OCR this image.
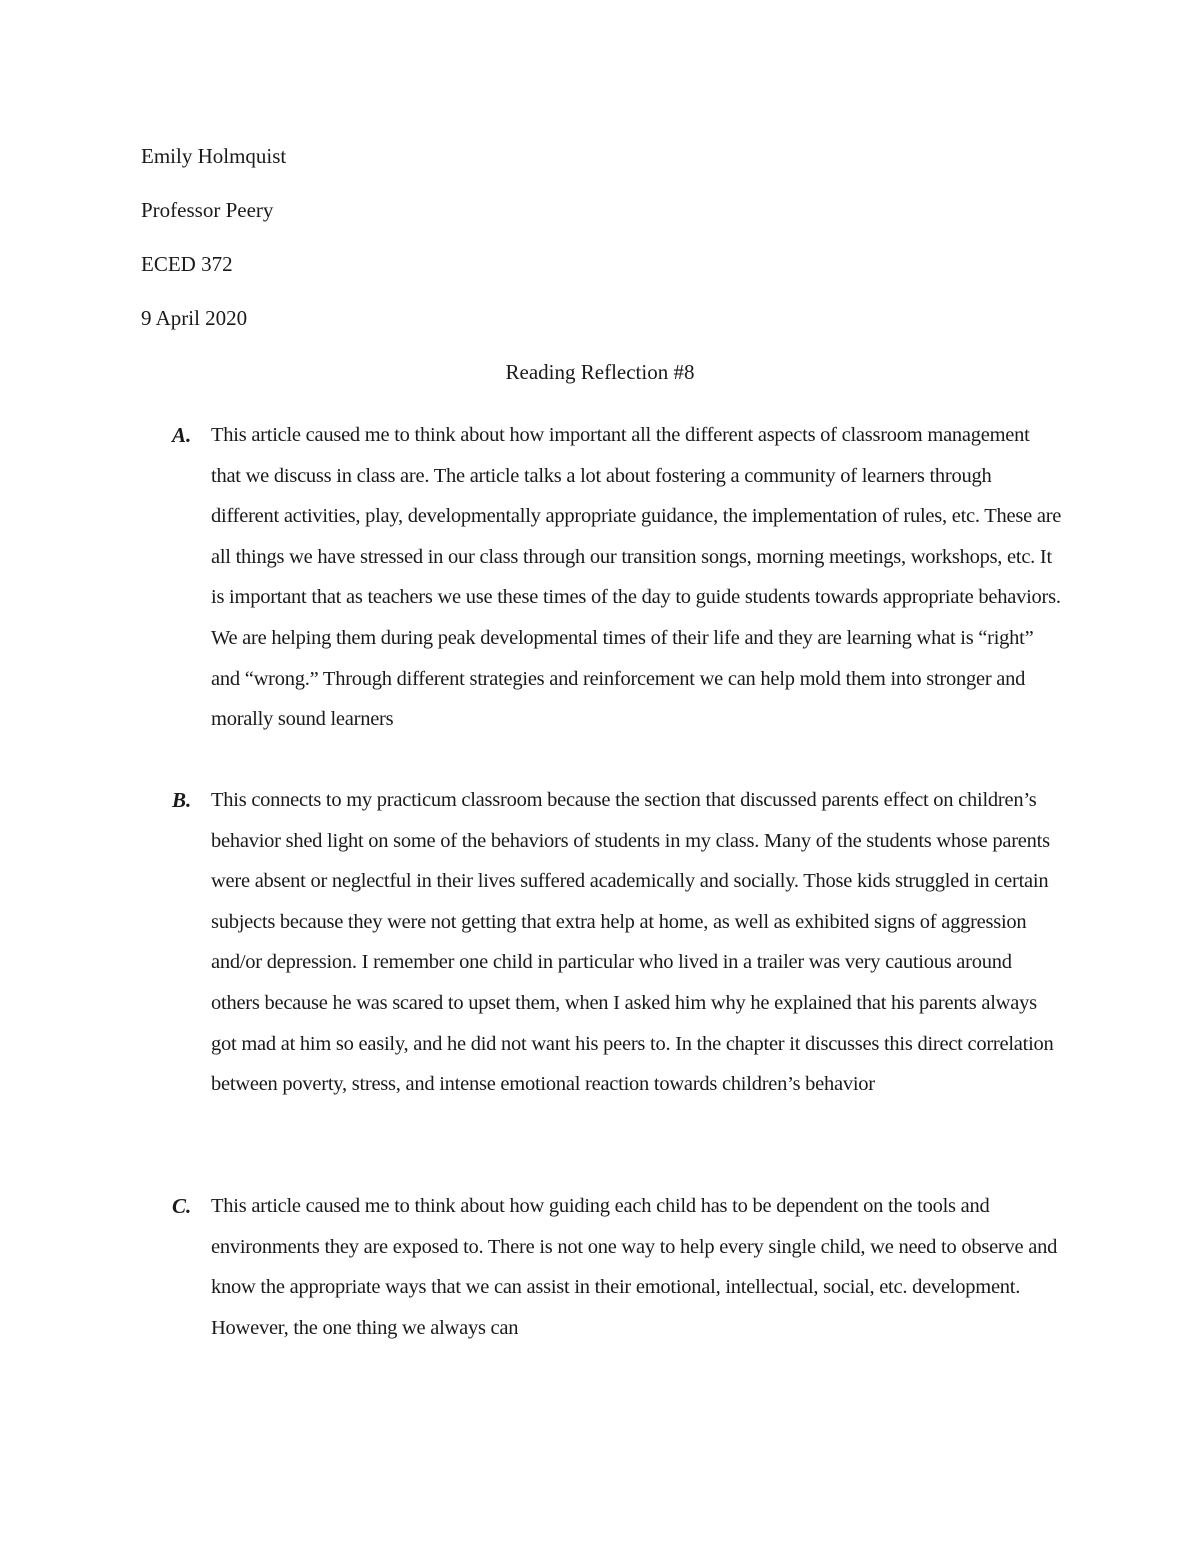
Emily Holmquist
Professor Peery
ECED 372
9 April 2020
Reading Reflection #8
A. This article caused me to think about how important all the different aspects of classroom management that we discuss in class are. The article talks a lot about fostering a community of learners through different activities, play, developmentally appropriate guidance, the implementation of rules, etc. These are all things we have stressed in our class through our transition songs, morning meetings, workshops, etc. It is important that as teachers we use these times of the day to guide students towards appropriate behaviors. We are helping them during peak developmental times of their life and they are learning what is “right” and “wrong.” Through different strategies and reinforcement we can help mold them into stronger and morally sound learners
B. This connects to my practicum classroom because the section that discussed parents effect on children’s behavior shed light on some of the behaviors of students in my class. Many of the students whose parents were absent or neglectful in their lives suffered academically and socially. Those kids struggled in certain subjects because they were not getting that extra help at home, as well as exhibited signs of aggression and/or depression. I remember one child in particular who lived in a trailer was very cautious around others because he was scared to upset them, when I asked him why he explained that his parents always got mad at him so easily, and he did not want his peers to. In the chapter it discusses this direct correlation between poverty, stress, and intense emotional reaction towards children’s behavior
C. This article caused me to think about how guiding each child has to be dependent on the tools and environments they are exposed to. There is not one way to help every single child, we need to observe and know the appropriate ways that we can assist in their emotional, intellectual, social, etc. development. However, the one thing we always can
